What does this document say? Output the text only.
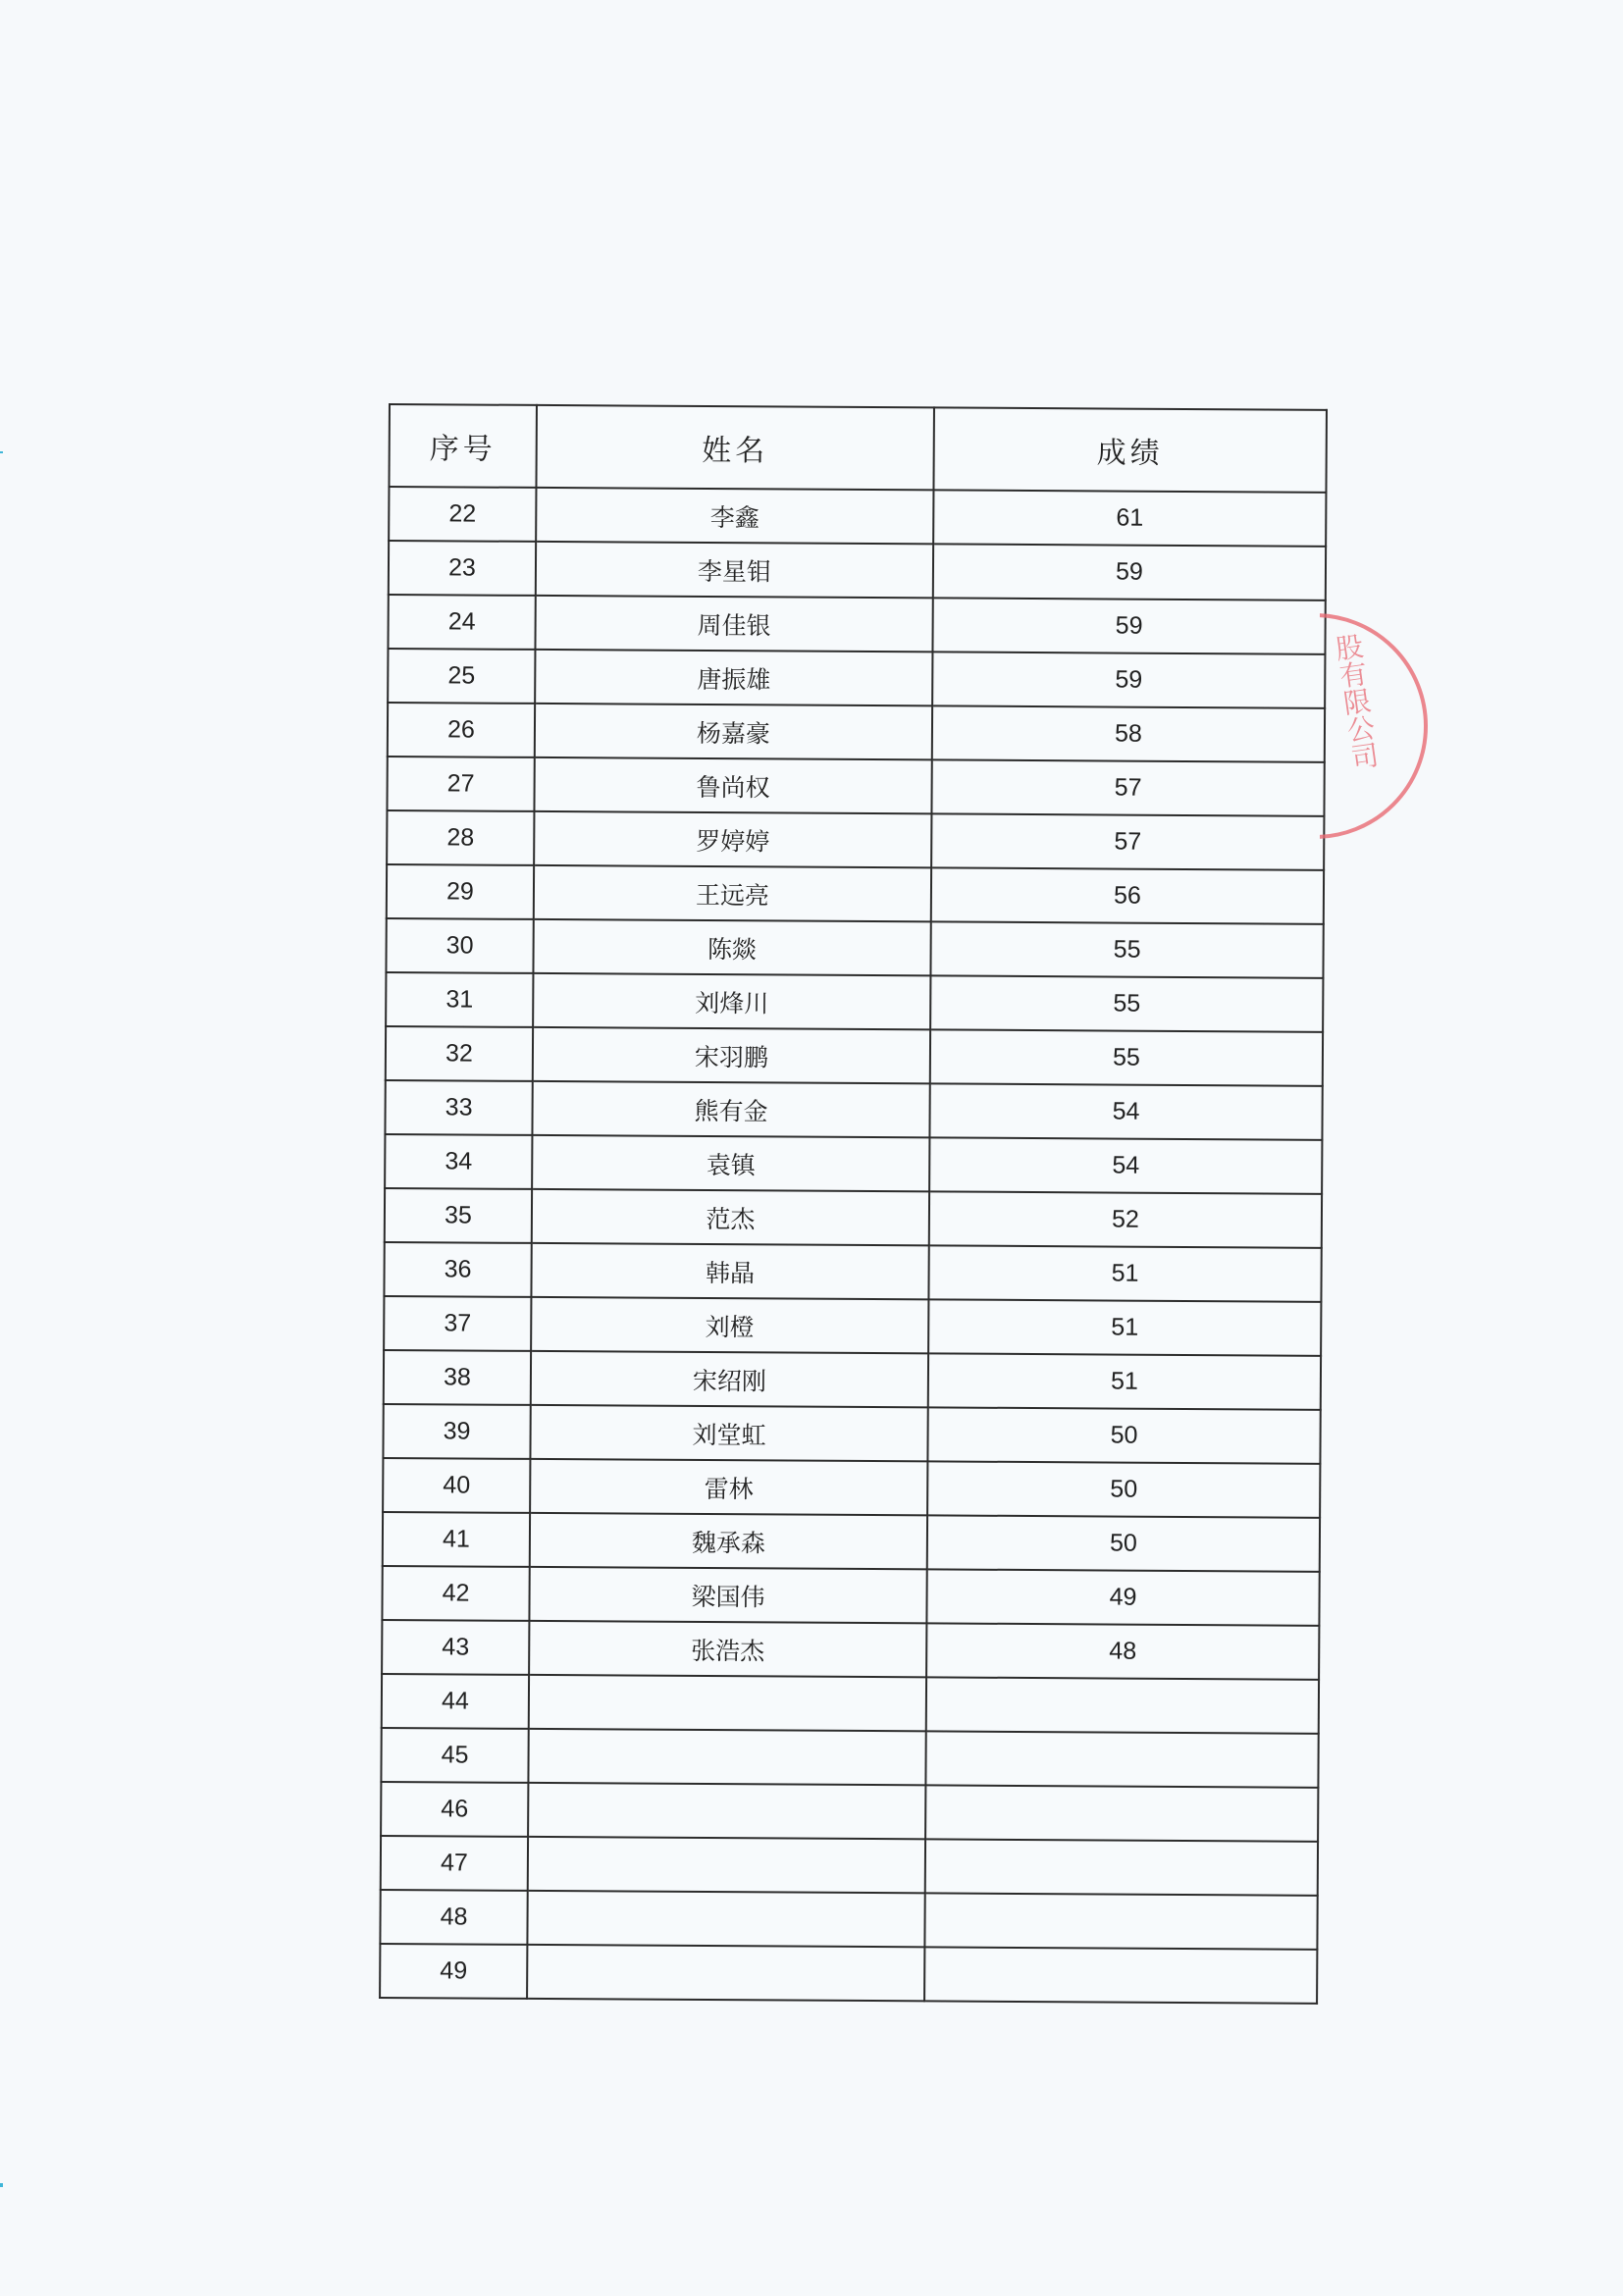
序号	姓名	成绩
22	李鑫	61
23	李星钼	59
24	周佳银	59
25	唐振雄	59
26	杨嘉豪	58
27	鲁尚权	57
28	罗婷婷	57
29	王远亮	56
30	陈燚	55
31	刘烽川	55
32	宋羽鹏	55
33	熊有金	54
34	袁镇	54
35	范杰	52
36	韩晶	51
37	刘橙	51
38	宋绍刚	51
39	刘堂虹	50
40	雷林	50
41	魏承森	50
42	梁国伟	49
43	张浩杰	48
44		
45		
46		
47		
48		
49		
股有限公司
